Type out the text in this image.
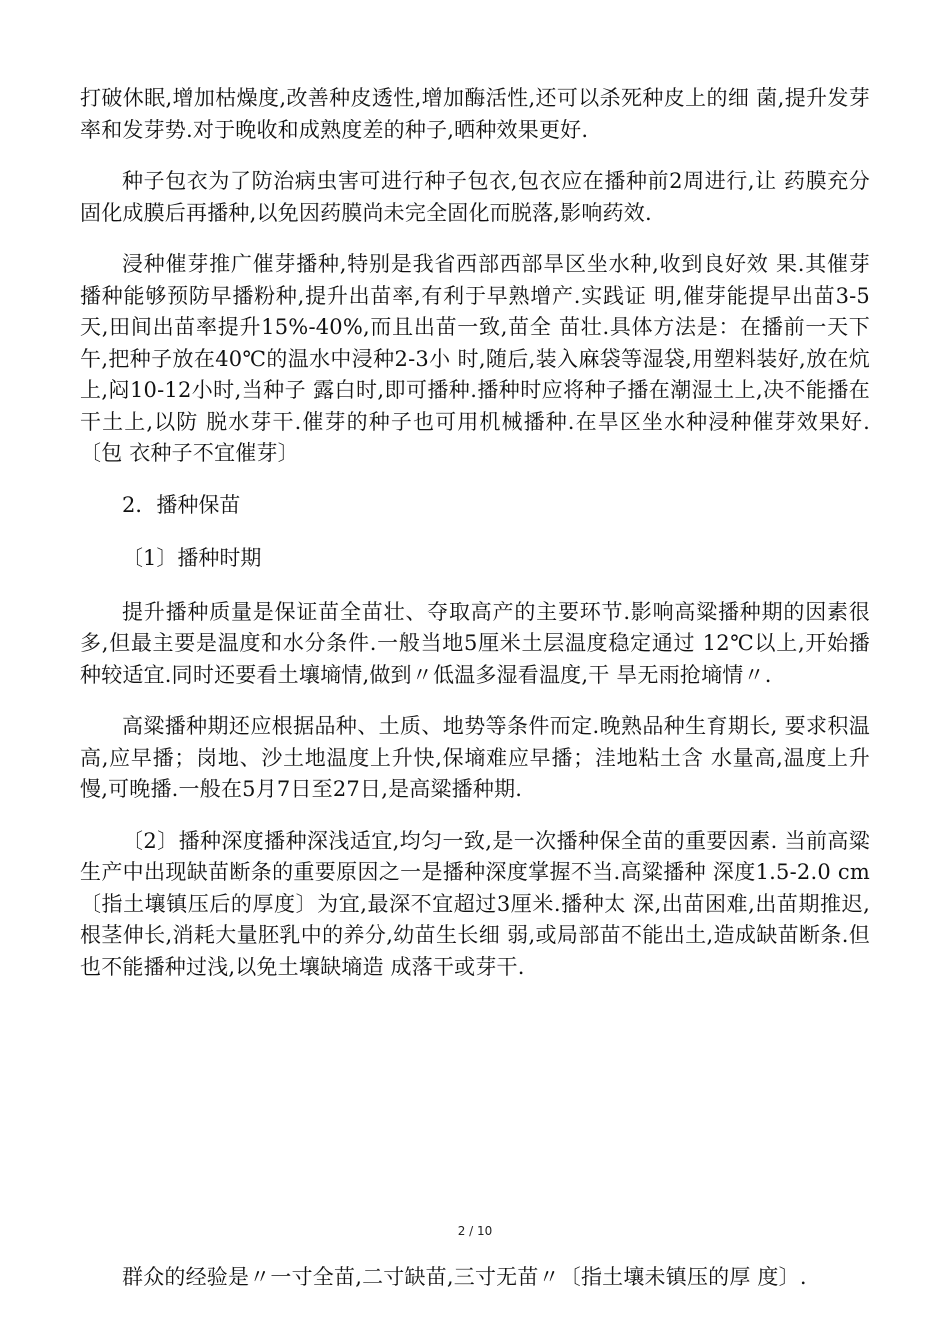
打破休眠,增加枯燥度,改善种皮透性,增加酶活性,还可以杀死种皮上的细 菌,提升发芽率和发芽势.对于晚收和成熟度差的种子,晒种效果更好.

种子包衣为了防治病虫害可进行种子包衣,包衣应在播种前2周进行,让 药膜充分固化成膜后再播种,以免因药膜尚未完全固化而脱落,影响药效.

浸种催芽推广催芽播种,特别是我省西部西部旱区坐水种,收到良好效 果.其催芽播种能够预防早播粉种,提升出苗率,有利于早熟增产.实践证 明,催芽能提早出苗3-5天,田间出苗率提升15%-40%,而且出苗一致,苗全 苗壮.具体方法是：在播前一天下午,把种子放在40℃的温水中浸种2-3小 时,随后,装入麻袋等湿袋,用塑料装好,放在炕上,闷10-12小时,当种子 露白时,即可播种.播种时应将种子播在潮湿土上,决不能播在干土上,以防 脱水芽干.催芽的种子也可用机械播种.在旱区坐水种浸种催芽效果好.〔包 衣种子不宜催芽〕

2．播种保苗

〔1〕播种时期

提升播种质量是保证苗全苗壮、夺取高产的主要环节.影响高粱播种期的因素很多,但最主要是温度和水分条件.一般当地5厘米土层温度稳定通过 12℃以上,开始播种较适宜.同时还要看土壤墒情,做到〃低温多湿看温度,干 旱无雨抢墒情〃.

高粱播种期还应根据品种、土质、地势等条件而定.晚熟品种生育期长, 要求积温高,应早播；岗地、沙土地温度上升快,保墒难应早播；洼地粘土含 水量高,温度上升慢,可晚播.一般在5月7日至27日,是高粱播种期.

〔2〕播种深度播种深浅适宜,均匀一致,是一次播种保全苗的重要因素. 当前高粱生产中出现缺苗断条的重要原因之一是播种深度掌握不当.高粱播种 深度1.5-2.0 cm 〔指土壤镇压后的厚度〕为宜,最深不宜超过3厘米.播种太 深,出苗困难,出苗期推迟,根茎伸长,消耗大量胚乳中的养分,幼苗生长细 弱,或局部苗不能出土,造成缺苗断条.但也不能播种过浅,以免土壤缺墒造 成落干或芽干.

2 / 10

群众的经验是〃一寸全苗,二寸缺苗,三寸无苗〃〔指土壤未镇压的厚 度〕.
